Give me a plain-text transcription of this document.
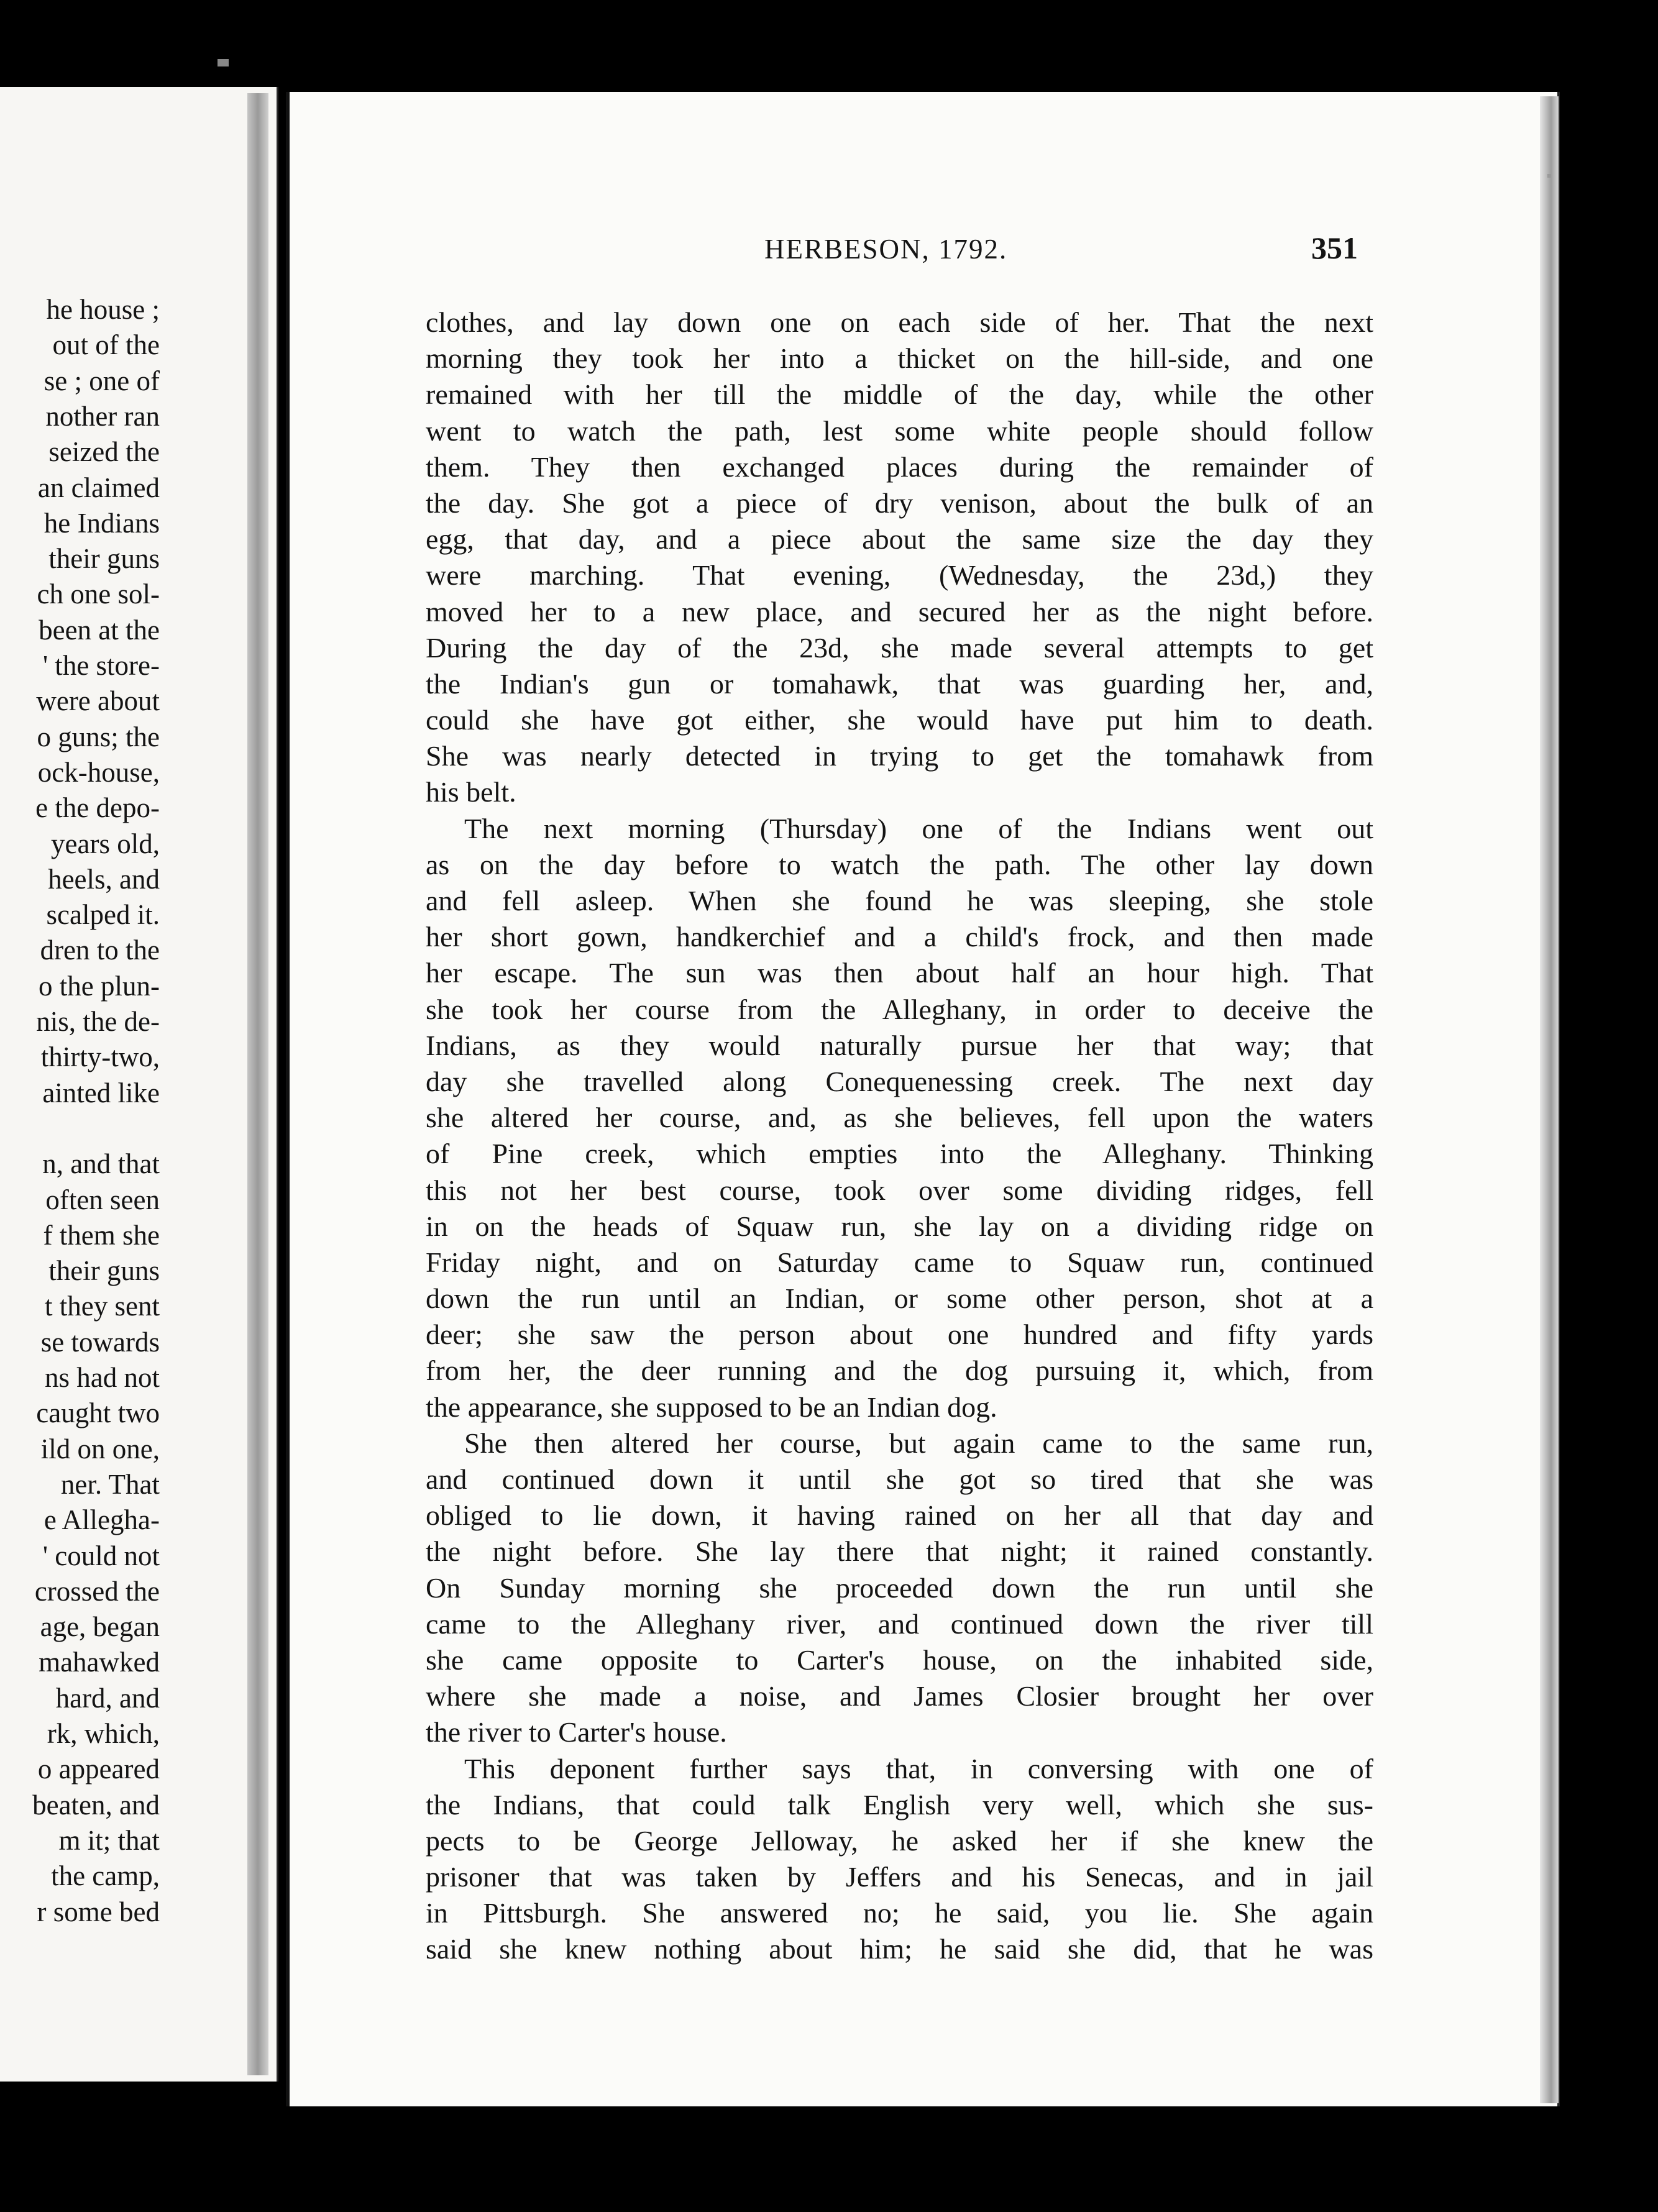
he house ;
out of the
se ; one of
nother ran
seized the
an claimed
he Indians
their guns
ch one sol-
been at the
' the store-
were about
o guns; the
ock-house,
e the depo-
years old,
heels, and
scalped it.
dren to the
o the plun-
nis, the de-
thirty-two,
ainted like
n, and that
often seen
f them she
their guns
t they sent
se towards
ns had not
caught two
ild on one,
ner. That
e Allegha-
' could not
crossed the
age, began
mahawked
hard, and
rk, which,
o appeared
beaten, and
m it; that
the camp,
r some bed
HERBESON, 1792.	351
clothes, and lay down one on each side of her. That the next
morning they took her into a thicket on the hill-side, and one
remained with her till the middle of the day, while the other
went to watch the path, lest some white people should follow
them. They then exchanged places during the remainder of
the day. She got a piece of dry venison, about the bulk of an
egg, that day, and a piece about the same size the day they
were marching. That evening, (Wednesday, the 23d,) they
moved her to a new place, and secured her as the night before.
During the day of the 23d, she made several attempts to get
the Indian's gun or tomahawk, that was guarding her, and,
could she have got either, she would have put him to death.
She was nearly detected in trying to get the tomahawk from
his belt.
The next morning (Thursday) one of the Indians went out
as on the day before to watch the path. The other lay down
and fell asleep. When she found he was sleeping, she stole
her short gown, handkerchief and a child's frock, and then made
her escape. The sun was then about half an hour high. That
she took her course from the Alleghany, in order to deceive the
Indians, as they would naturally pursue her that way; that
day she travelled along Conequenessing creek. The next day
she altered her course, and, as she believes, fell upon the waters
of Pine creek, which empties into the Alleghany. Thinking
this not her best course, took over some dividing ridges, fell
in on the heads of Squaw run, she lay on a dividing ridge on
Friday night, and on Saturday came to Squaw run, continued
down the run until an Indian, or some other person, shot at a
deer; she saw the person about one hundred and fifty yards
from her, the deer running and the dog pursuing it, which, from
the appearance, she supposed to be an Indian dog.
She then altered her course, but again came to the same run,
and continued down it until she got so tired that she was
obliged to lie down, it having rained on her all that day and
the night before. She lay there that night; it rained constantly.
On Sunday morning she proceeded down the run until she
came to the Alleghany river, and continued down the river till
she came opposite to Carter's house, on the inhabited side,
where she made a noise, and James Closier brought her over
the river to Carter's house.
This deponent further says that, in conversing with one of
the Indians, that could talk English very well, which she sus-
pects to be George Jelloway, he asked her if she knew the
prisoner that was taken by Jeffers and his Senecas, and in jail
in Pittsburgh. She answered no; he said, you lie. She again
said she knew nothing about him; he said she did, that he was
